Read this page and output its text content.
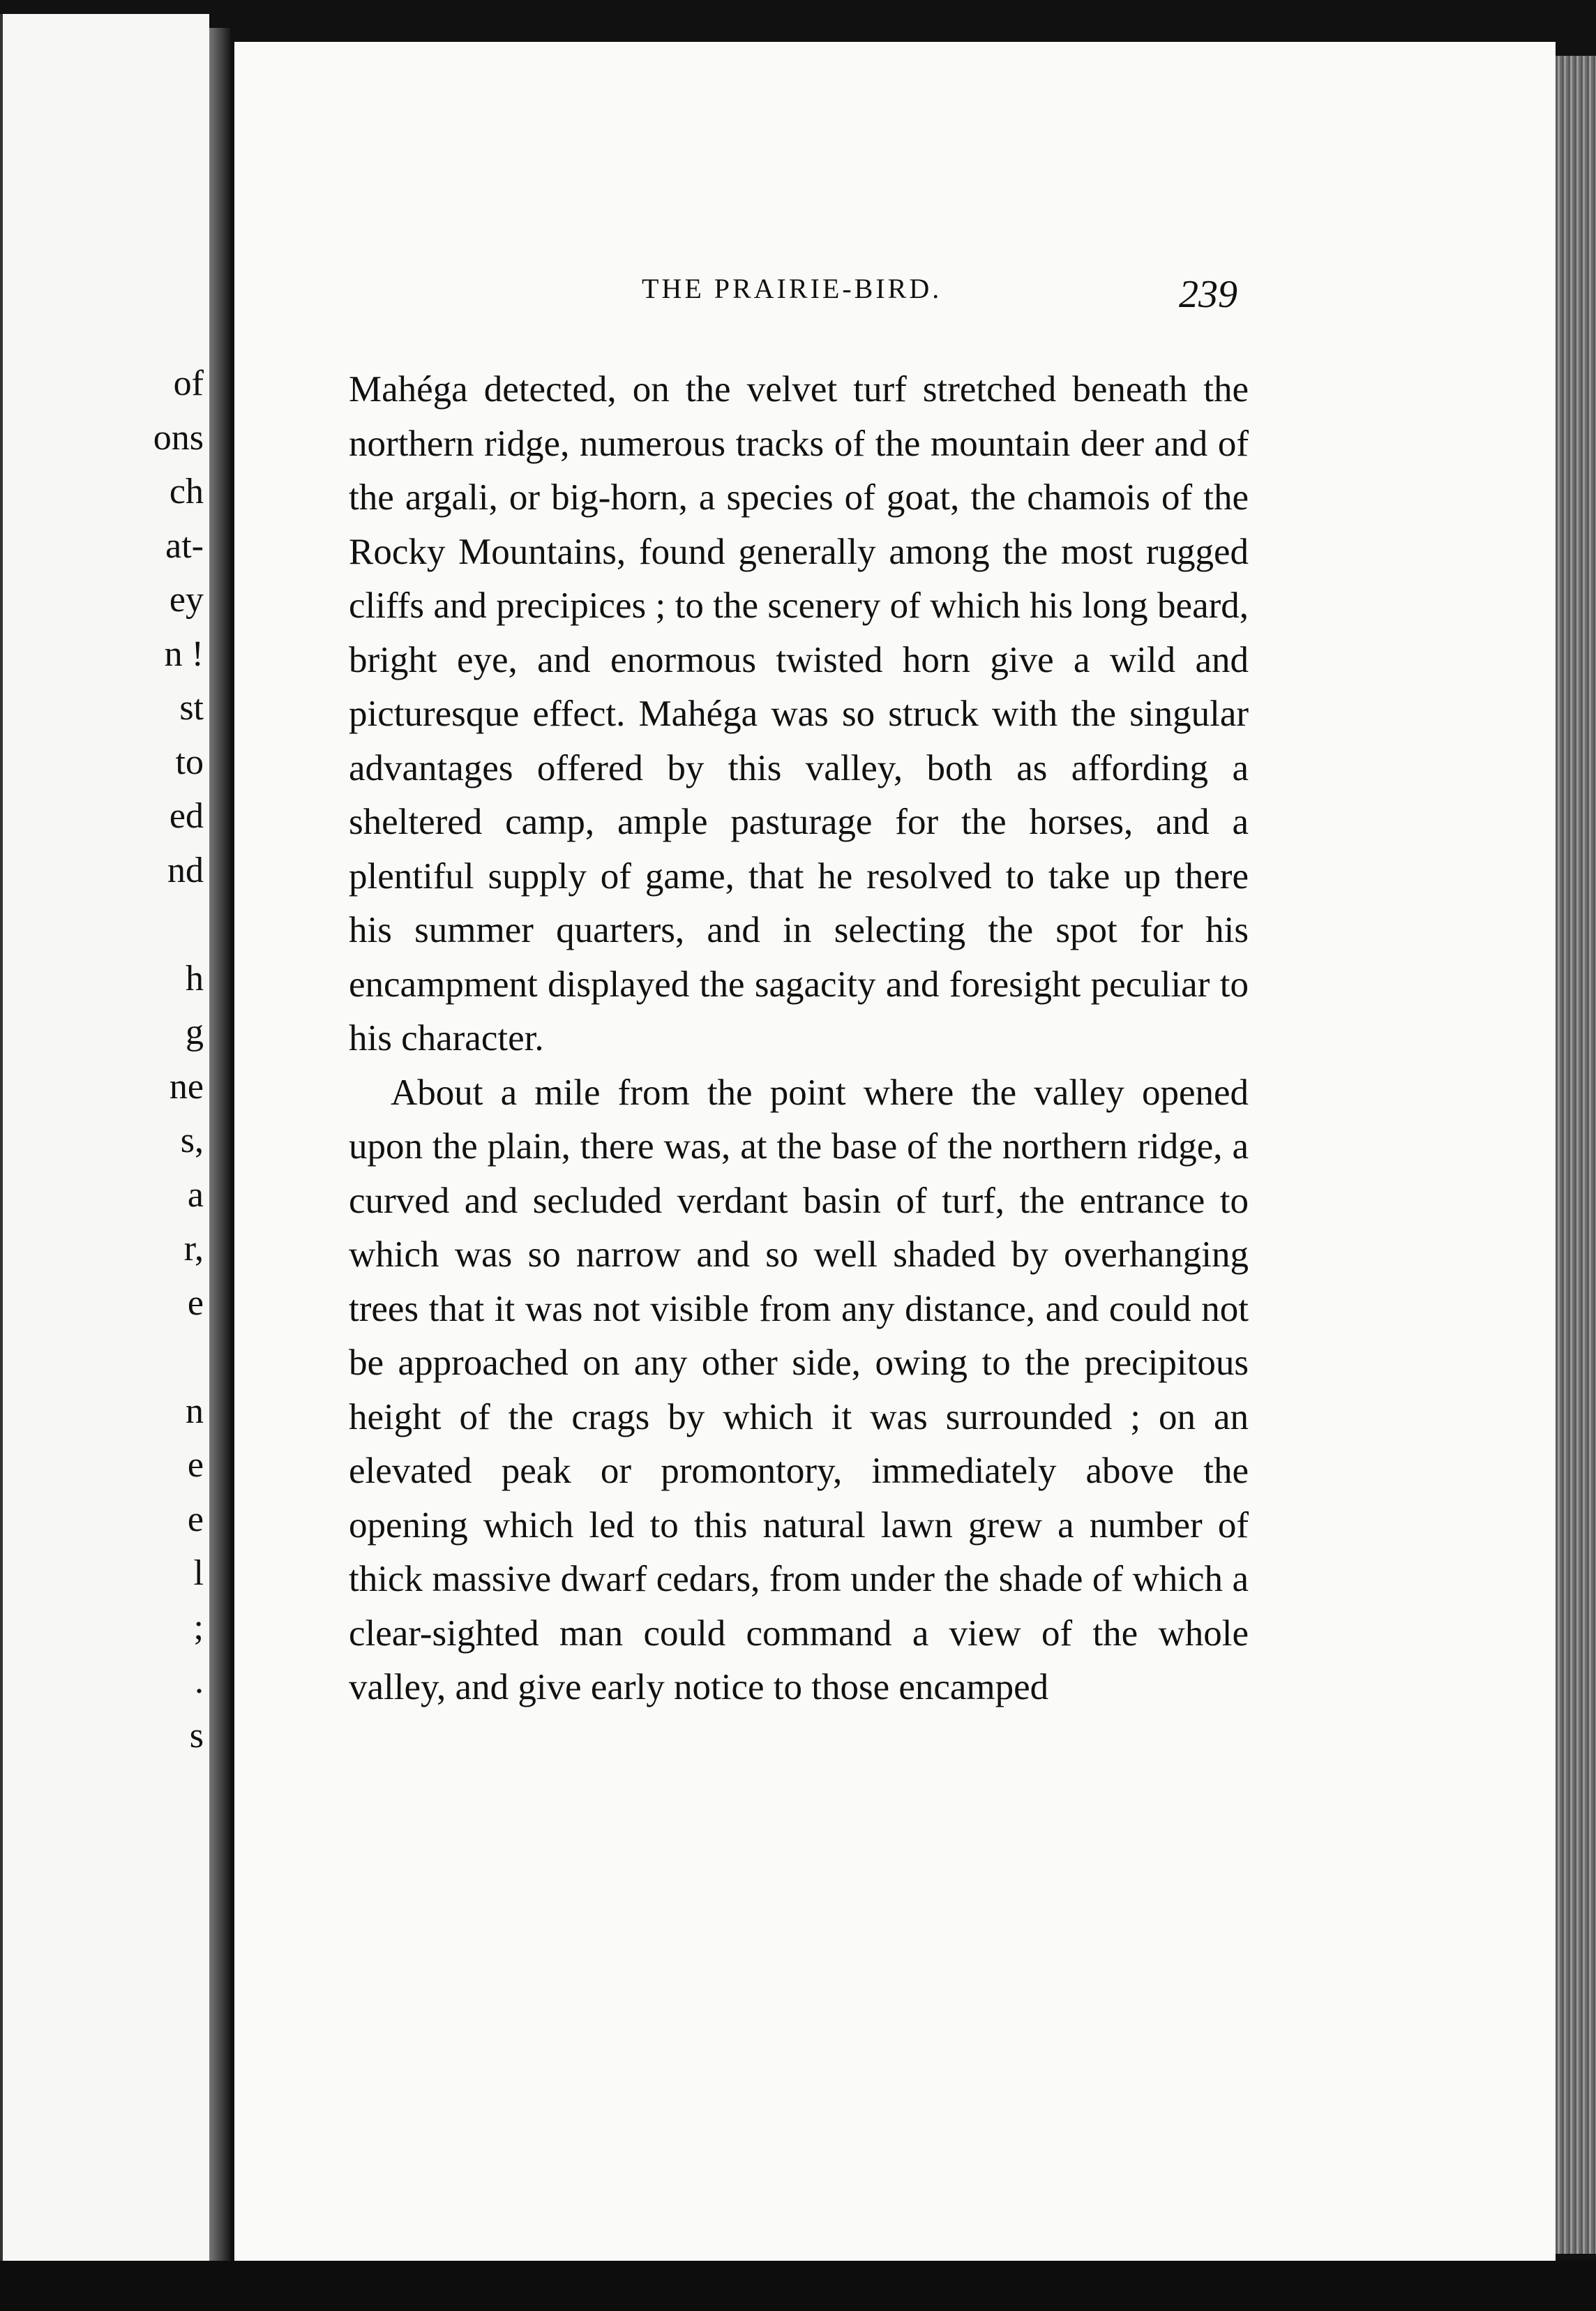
of
ons
ch
at-
ey
n !
st
to
ed
nd
h
g
ne
s,
a
r,
e
n
e
e
l
;
.
s
THE PRAIRIE-BIRD.	239

Mahéga detected, on the velvet turf stretched beneath the northern ridge, numerous tracks of the mountain deer and of the argali, or big-horn, a species of goat, the chamois of the Rocky Mountains, found generally among the most rugged cliffs and precipices ; to the scenery of which his long beard, bright eye, and enormous twisted horn give a wild and picturesque effect. Mahéga was so struck with the singular advantages offered by this valley, both as affording a sheltered camp, ample pasturage for the horses, and a plentiful supply of game, that he resolved to take up there his summer quarters, and in selecting the spot for his encampment displayed the sagacity and foresight peculiar to his character.

About a mile from the point where the valley opened upon the plain, there was, at the base of the northern ridge, a curved and secluded verdant basin of turf, the entrance to which was so narrow and so well shaded by overhanging trees that it was not visible from any distance, and could not be approached on any other side, owing to the precipitous height of the crags by which it was surrounded ; on an elevated peak or promontory, immediately above the opening which led to this natural lawn grew a number of thick massive dwarf cedars, from under the shade of which a clear-sighted man could command a view of the whole valley, and give early notice to those encamped
